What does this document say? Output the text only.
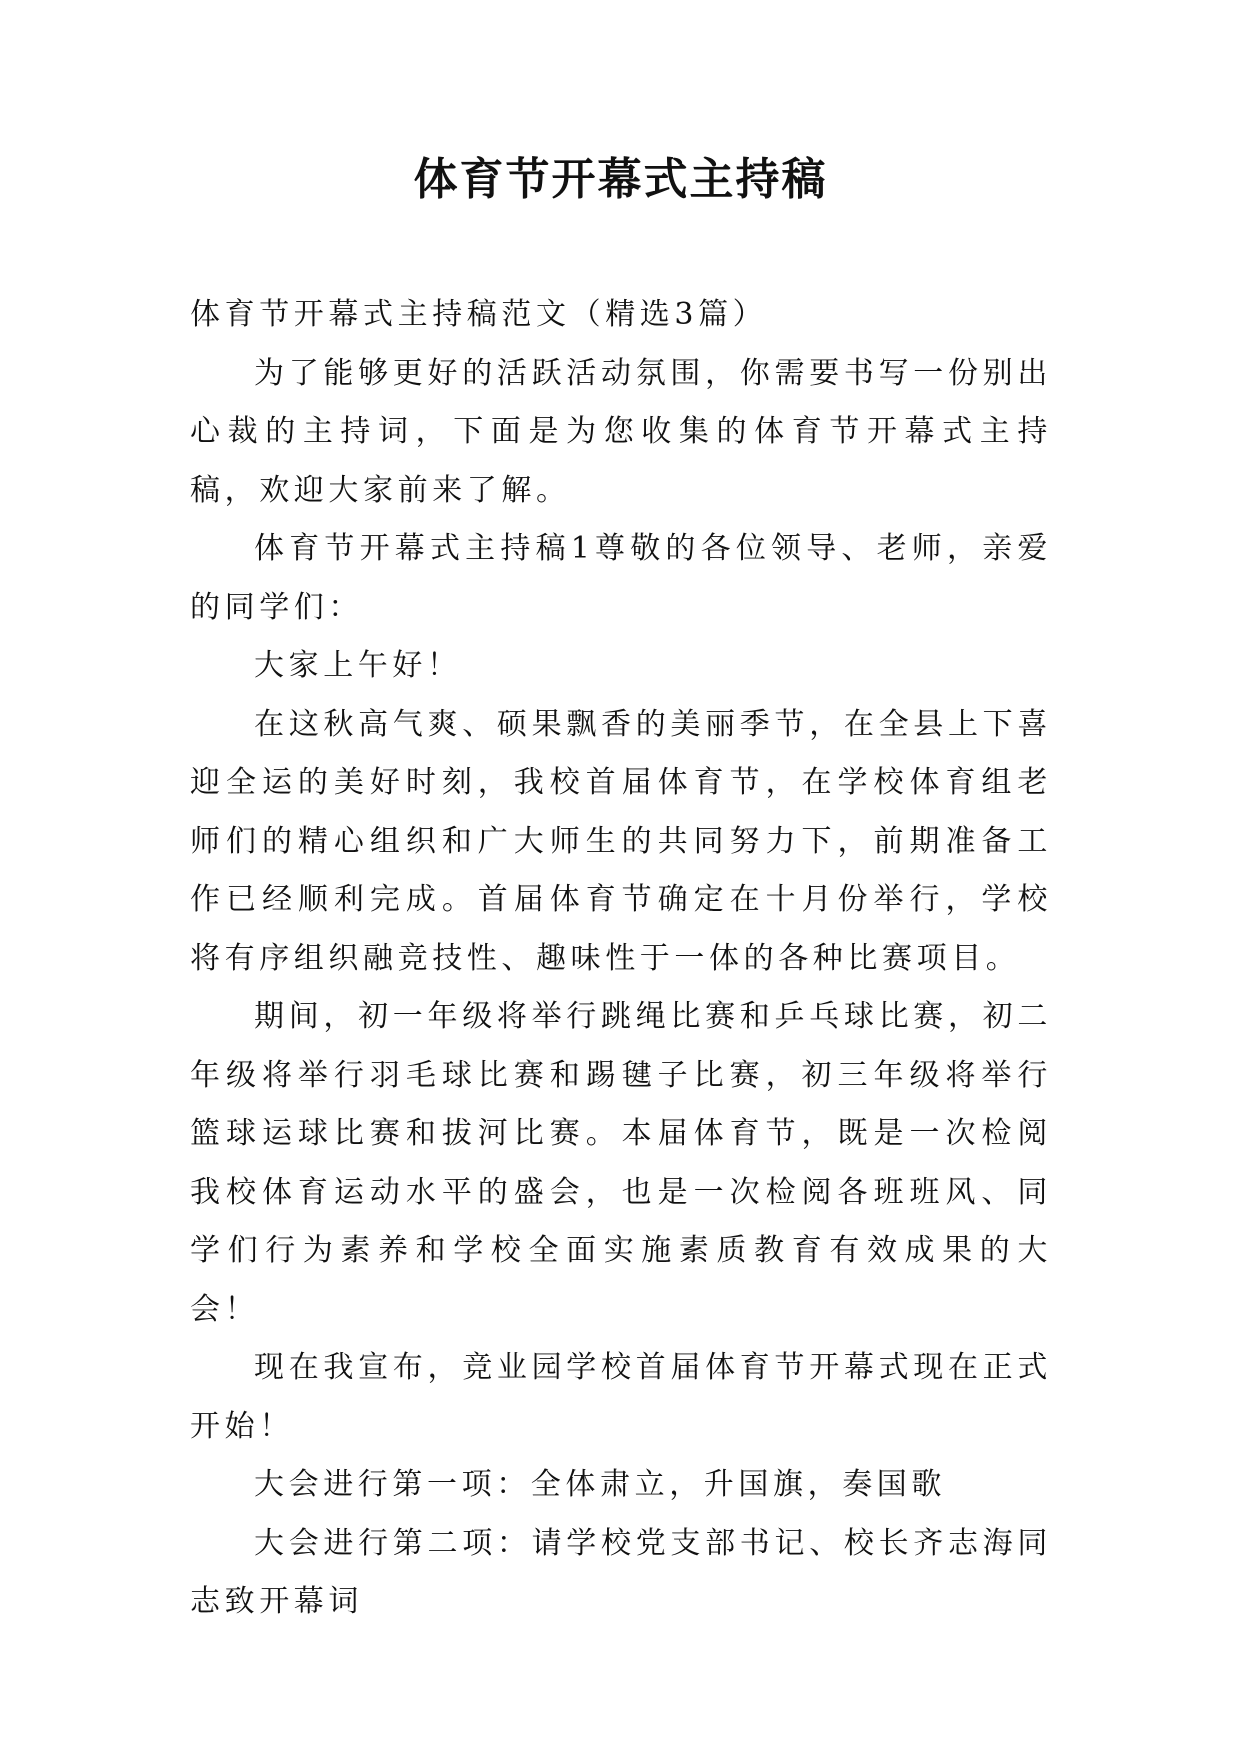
体育节开幕式主持稿

体育节开幕式主持稿范文（精选3篇）

为了能够更好的活跃活动氛围，你需要书写一份别出心裁的主持词，下面是为您收集的体育节开幕式主持稿，欢迎大家前来了解。

体育节开幕式主持稿1尊敬的各位领导、老师，亲爱的同学们：

大家上午好！

在这秋高气爽、硕果飘香的美丽季节，在全县上下喜迎全运的美好时刻，我校首届体育节，在学校体育组老师们的精心组织和广大师生的共同努力下，前期准备工作已经顺利完成。首届体育节确定在十月份举行，学校将有序组织融竞技性、趣味性于一体的各种比赛项目。

期间，初一年级将举行跳绳比赛和乒乓球比赛，初二年级将举行羽毛球比赛和踢毽子比赛，初三年级将举行篮球运球比赛和拔河比赛。本届体育节，既是一次检阅我校体育运动水平的盛会，也是一次检阅各班班风、同学们行为素养和学校全面实施素质教育有效成果的大会！

现在我宣布，竞业园学校首届体育节开幕式现在正式开始！

大会进行第一项：全体肃立，升国旗，奏国歌

大会进行第二项：请学校党支部书记、校长齐志海同志致开幕词
